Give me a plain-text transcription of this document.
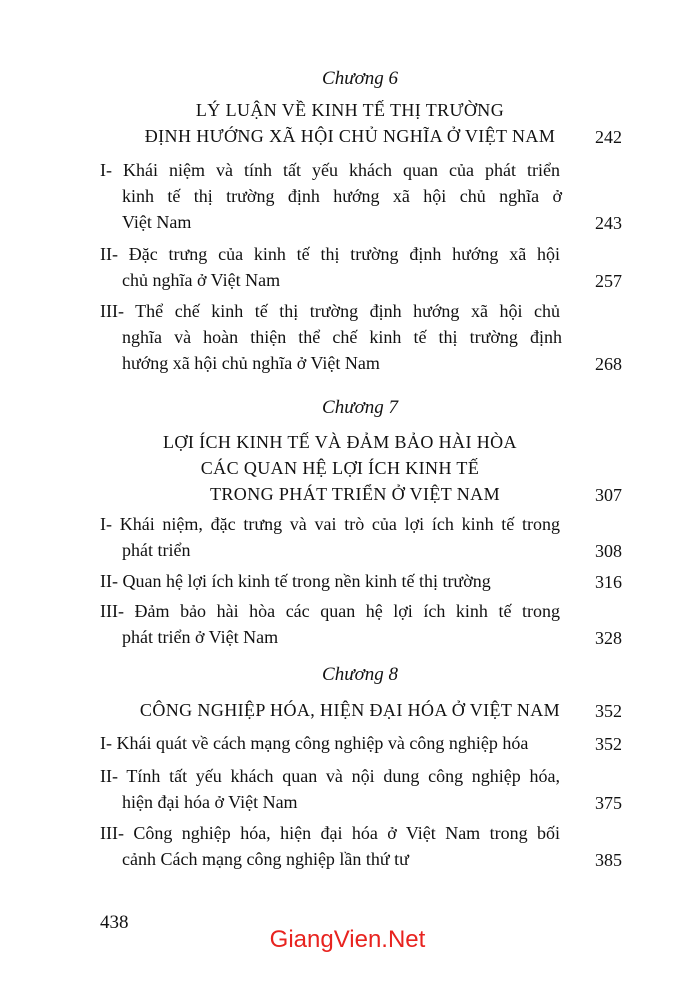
Chương 6
LÝ LUẬN VỀ KINH TẾ THỊ TRƯỜNG
ĐỊNH HƯỚNG XÃ HỘI CHỦ NGHĨA Ở VIỆT NAM	242
I- Khái niệm và tính tất yếu khách quan của phát triển
kinh tế thị trường định hướng xã hội chủ nghĩa ở
Việt Nam	243
II- Đặc trưng của kinh tế thị trường định hướng xã hội
chủ nghĩa ở Việt Nam	257
III- Thể chế kinh tế thị trường định hướng xã hội chủ
nghĩa và hoàn thiện thể chế kinh tế thị trường định
hướng xã hội chủ nghĩa ở Việt Nam	268
Chương 7
LỢI ÍCH KINH TẾ VÀ ĐẢM BẢO HÀI HÒA
CÁC QUAN HỆ LỢI ÍCH KINH TẾ
TRONG PHÁT TRIỂN Ở VIỆT NAM	307
I- Khái niệm, đặc trưng và vai trò của lợi ích kinh tế trong
phát triển	308
II- Quan hệ lợi ích kinh tế trong nền kinh tế thị trường	316
III- Đảm bảo hài hòa các quan hệ lợi ích kinh tế trong
phát triển ở Việt Nam	328
Chương 8
CÔNG NGHIỆP HÓA, HIỆN ĐẠI HÓA Ở VIỆT NAM	352
I- Khái quát về cách mạng công nghiệp và công nghiệp hóa	352
II- Tính tất yếu khách quan và nội dung công nghiệp hóa,
hiện đại hóa ở Việt Nam	375
III- Công nghiệp hóa, hiện đại hóa ở Việt Nam trong bối
cảnh Cách mạng công nghiệp lần thứ tư	385
438
GiangVien.Net
